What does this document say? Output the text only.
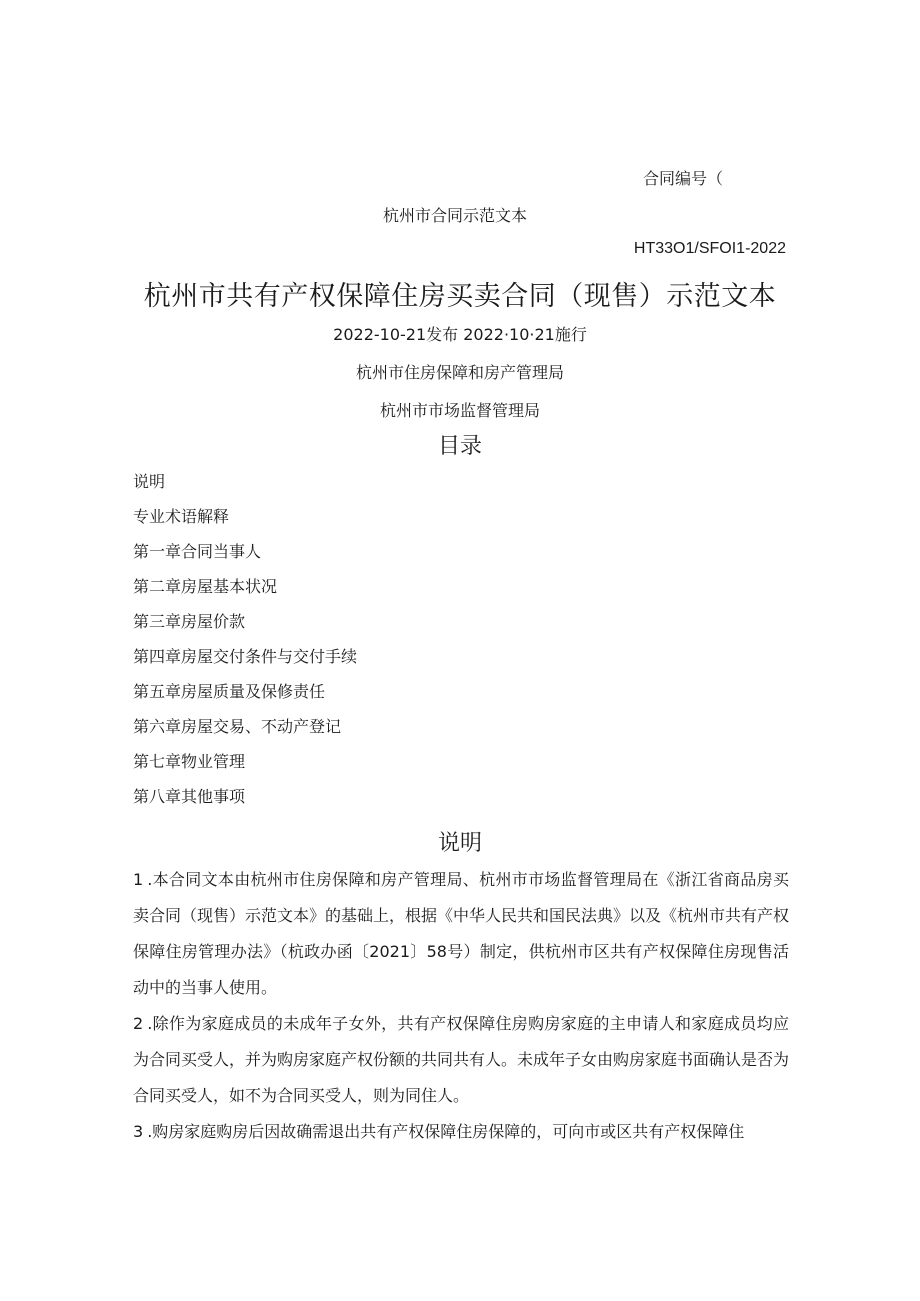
合同编号（
杭州市合同示范文本
HT33O1/SFOI1-2022
杭州市共有产权保障住房买卖合同（现售）示范文本
2022-10-21发布 2022·10·21施行
杭州市住房保障和房产管理局
杭州市市场监督管理局
目录
说明
专业术语解释
第一章合同当事人
第二章房屋基本状况
第三章房屋价款
第四章房屋交付条件与交付手续
第五章房屋质量及保修责任
第六章房屋交易、不动产登记
第七章物业管理
第八章其他事项
说明

1 .本合同文本由杭州市住房保障和房产管理局、杭州市市场监督管理局在《浙江省商品房买卖合同（现售）示范文本》的基础上，根据《中华人民共和国民法典》以及《杭州市共有产权保障住房管理办法》（杭政办函〔2021〕58号）制定，供杭州市区共有产权保障住房现售活动中的当事人使用。

2 .除作为家庭成员的未成年子女外，共有产权保障住房购房家庭的主申请人和家庭成员均应为合同买受人，并为购房家庭产权份额的共同共有人。未成年子女由购房家庭书面确认是否为合同买受人，如不为合同买受人，则为同住人。

3 .购房家庭购房后因故确需退出共有产权保障住房保障的，可向市或区共有产权保障住
